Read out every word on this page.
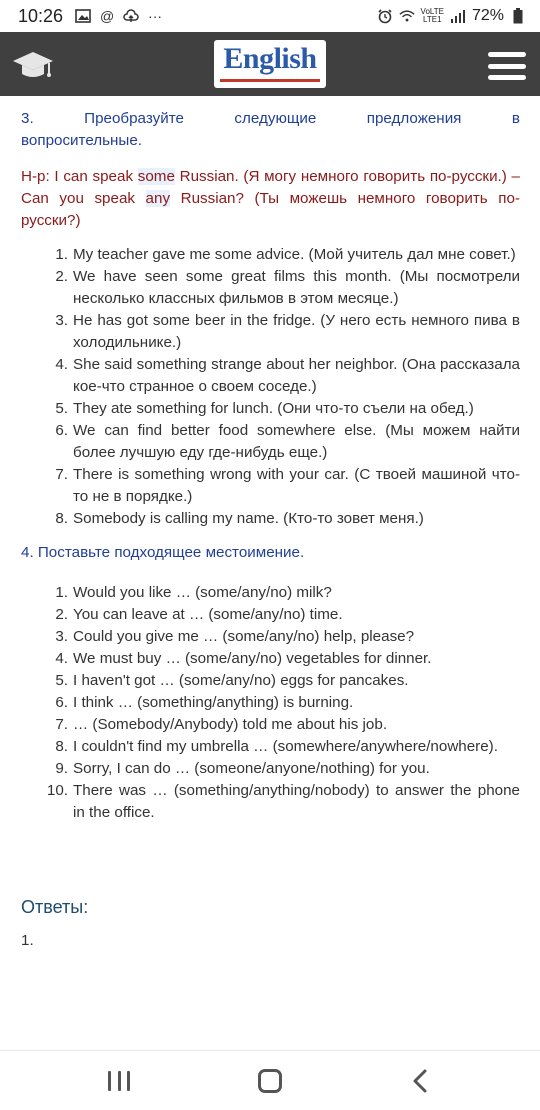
10:26	@ ···	VoLTE
LTE1 72%
English
3.	Преобразуйте	следующие	предложения	в
вопросительные.

Н-р: I can speak some Russian. (Я могу немного говорить по-русски.) – Can you speak any Russian? (Ты можешь немного говорить по-русски?)

1. My teacher gave me some advice. (Мой учитель дал мне совет.)
2. We have seen some great films this month. (Мы посмотрели несколько классных фильмов в этом месяце.)
3. He has got some beer in the fridge. (У него есть немного пива в холодильнике.)
4. She said something strange about her neighbor. (Она рассказала кое-что странное о своем соседе.)
5. They ate something for lunch. (Они что-то съели на обед.)
6. We can find better food somewhere else. (Мы можем найти более лучшую еду где-нибудь еще.)
7. There is something wrong with your car. (С твоей машиной что-то не в порядке.)
8. Somebody is calling my name. (Кто-то зовет меня.)
4. Поставьте подходящее местоимение.
1. Would you like … (some/any/no) milk?
2. You can leave at … (some/any/no) time.
3. Could you give me … (some/any/no) help, please?
4. We must buy … (some/any/no) vegetables for dinner.
5. I haven't got … (some/any/no) eggs for pancakes.
6. I think … (something/anything) is burning.
7. … (Somebody/Anybody) told me about his job.
8. I couldn't find my umbrella … (somewhere/anywhere/nowhere).
9. Sorry, I can do … (someone/anyone/nothing) for you.
10. There was … (something/anything/nobody) to answer the phone in the office.
Ответы:
1.
